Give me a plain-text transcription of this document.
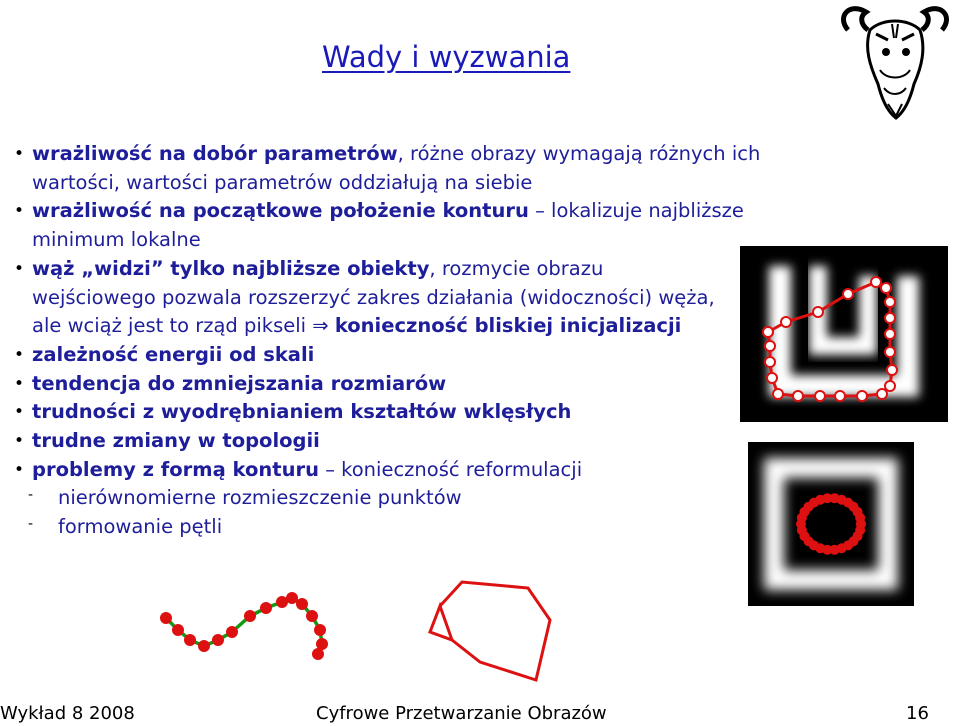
Wady i wyzwania
• wrażliwość na dobór parametrów, różne obrazy wymagają różnych ich wartości, wartości parametrów oddziałują na siebie
• wrażliwość na początkowe położenie konturu – lokalizuje najbliższe minimum lokalne
• wąż „widzi” tylko najbliższe obiekty, rozmycie obrazu wejściowego pozwala rozszerzyć zakres działania (widoczności) węża, ale wciąż jest to rząd pikseli ⇒ konieczność bliskiej inicjalizacji
• zależność energii od skali
• tendencja do zmniejszania rozmiarów
• trudności z wyodrębnianiem kształtów wklęsłych
• trudne zmiany w topologii
• problemy z formą konturu – konieczność reformulacji
- nierównomierne rozmieszczenie punktów
- formowanie pętli
Wykład 8 2008	Cyfrowe Przetwarzanie Obrazów	16
